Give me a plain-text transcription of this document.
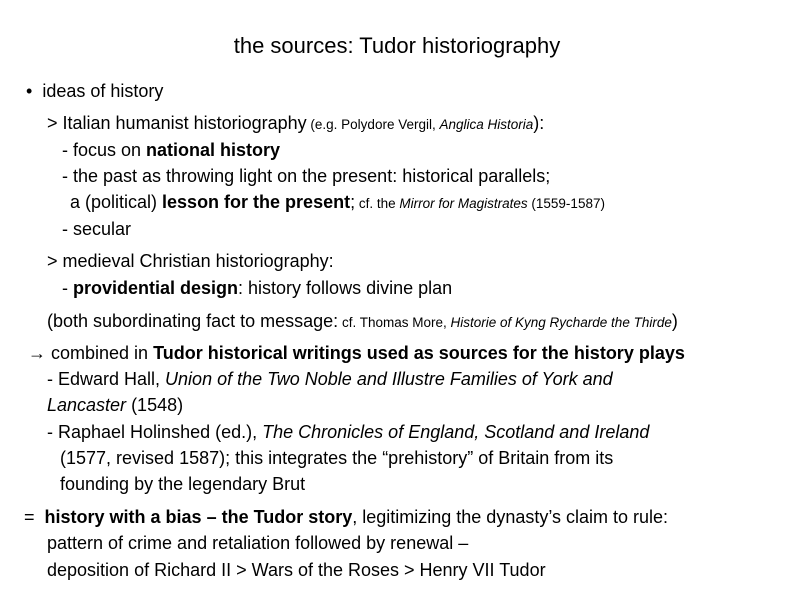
the sources: Tudor historiography
• ideas of history
> Italian humanist historiography (e.g. Polydore Vergil, Anglica Historia):
- focus on national history
- the past as throwing light on the present: historical parallels;
a (political) lesson for the present; cf. the Mirror for Magistrates (1559-1587)
- secular
> medieval Christian historiography:
- providential design: history follows divine plan
(both subordinating fact to message: cf. Thomas More, Historie of Kyng Rycharde the Thirde)
→ combined in Tudor historical writings used as sources for the history plays
- Edward Hall, Union of the Two Noble and Illustre Families of York and
Lancaster (1548)
- Raphael Holinshed (ed.), The Chronicles of England, Scotland and Ireland
(1577, revised 1587); this integrates the “prehistory” of Britain from its
founding by the legendary Brut
= history with a bias – the Tudor story, legitimizing the dynasty’s claim to rule:
pattern of crime and retaliation followed by renewal –
deposition of Richard II > Wars of the Roses > Henry VII Tudor
